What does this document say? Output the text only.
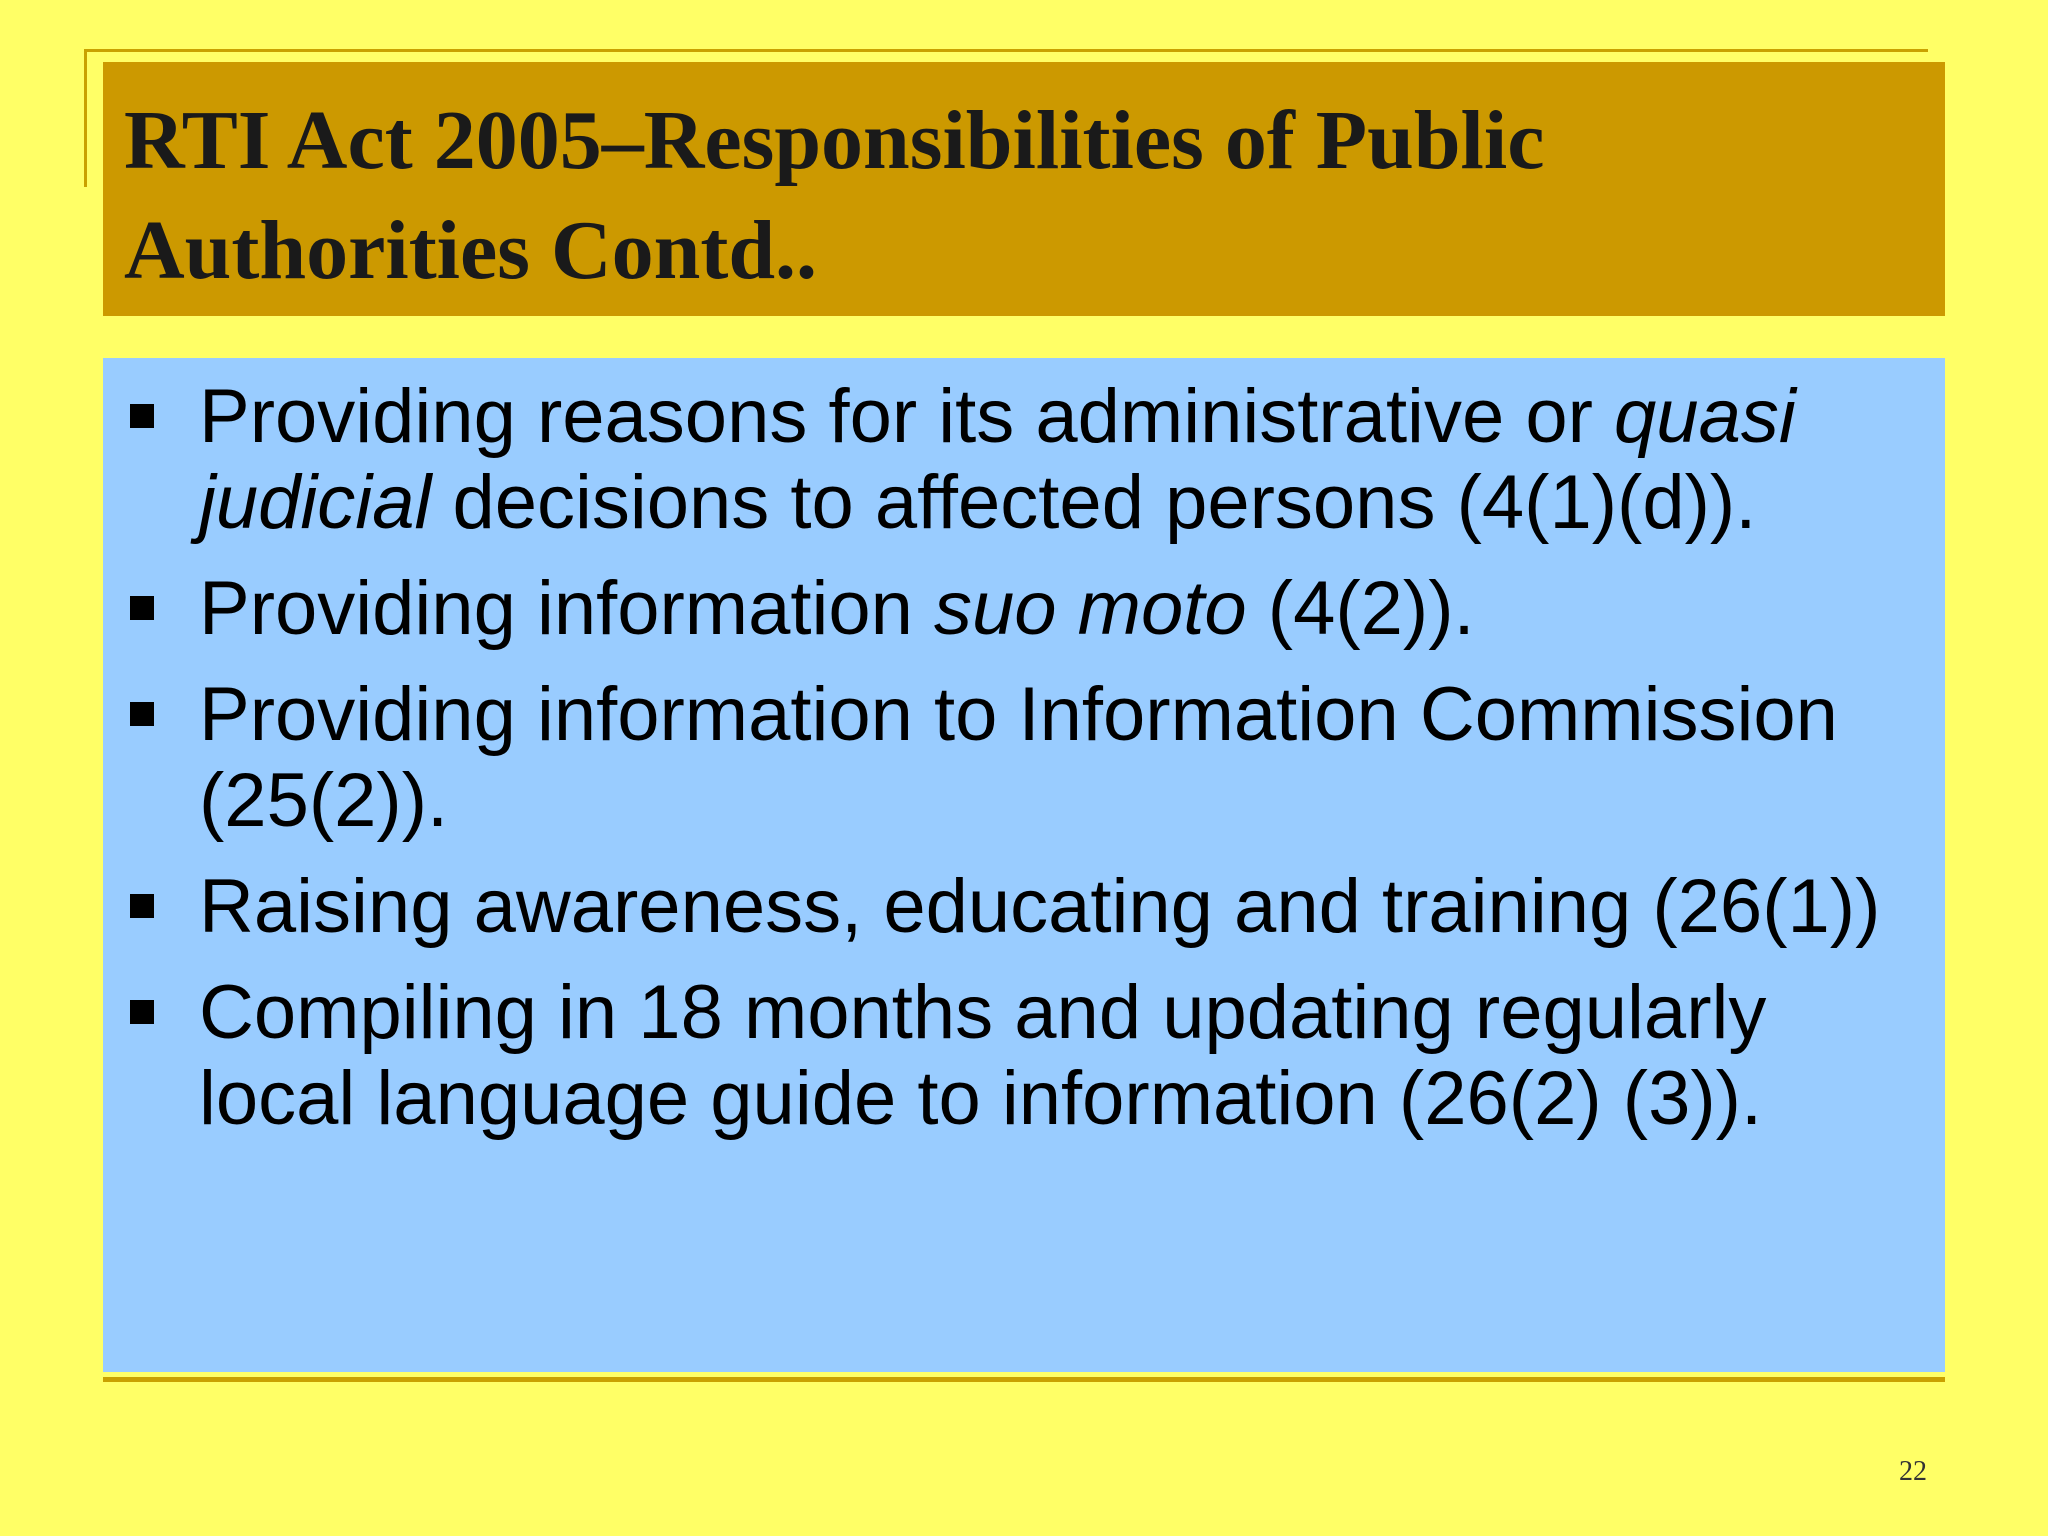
RTI Act 2005–Responsibilities of Public
Authorities Contd..
Providing reasons for its administrative or quasi
judicial decisions to affected persons (4(1)(d)).
Providing information suo moto (4(2)).
Providing information to Information Commission (25(2)).
Raising awareness, educating and training (26(1))
Compiling in 18 months and updating regularly local language guide to information (26(2) (3)).
22
